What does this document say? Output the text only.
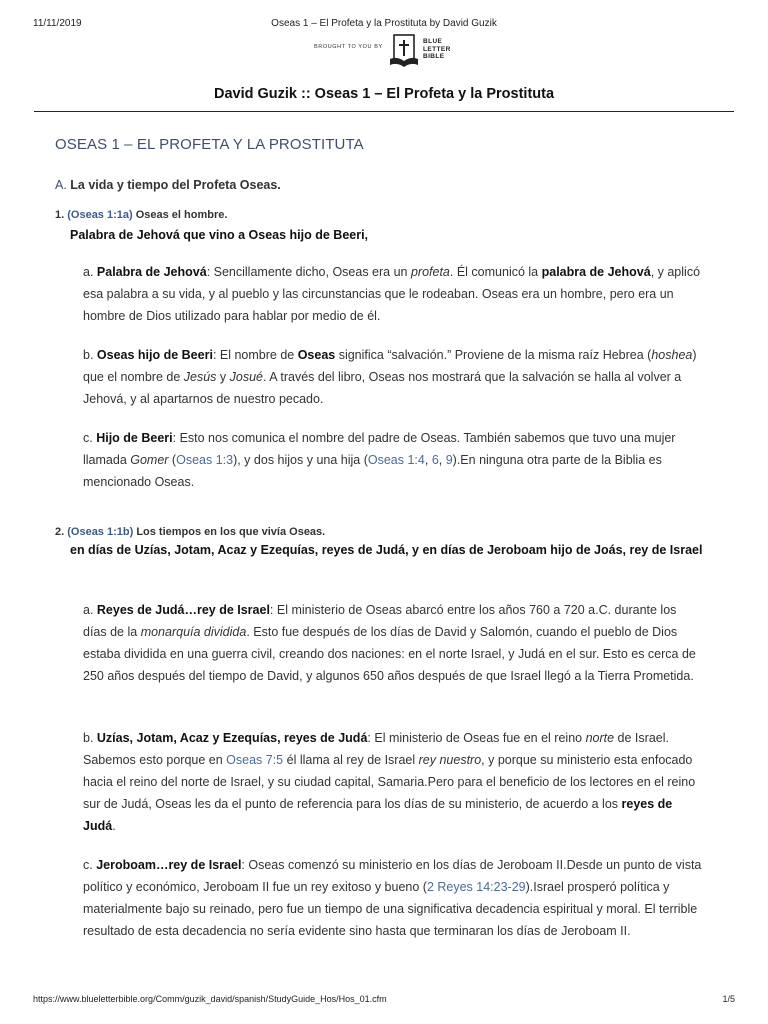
11/11/2019	Oseas 1 – El Profeta y la Prostituta by David Guzik
BROUGHT TO YOU BY
BLUE
LETTER
BIBLE
David Guzik :: Oseas 1 – El Profeta y la Prostituta
OSEAS 1 – EL PROFETA Y LA PROSTITUTA
A. La vida y tiempo del Profeta Oseas.
1. (Oseas 1:1a) Oseas el hombre.
Palabra de Jehová que vino a Oseas hijo de Beeri,
a. Palabra de Jehová: Sencillamente dicho, Oseas era un profeta. Él comunicó la palabra de Jehová, y aplicó esa palabra a su vida, y al pueblo y las circunstancias que le rodeaban. Oseas era un hombre, pero era un hombre de Dios utilizado para hablar por medio de él.
b. Oseas hijo de Beeri: El nombre de Oseas significa “salvación.” Proviene de la misma raíz Hebrea (hoshea) que el nombre de Jesús y Josué. A través del libro, Oseas nos mostrará que la salvación se halla al volver a Jehová, y al apartarnos de nuestro pecado.
c. Hijo de Beeri: Esto nos comunica el nombre del padre de Oseas. También sabemos que tuvo una mujer llamada Gomer (Oseas 1:3), y dos hijos y una hija (Oseas 1:4, 6, 9).En ninguna otra parte de la Biblia es mencionado Oseas.
2. (Oseas 1:1b) Los tiempos en los que vivía Oseas.
en días de Uzías, Jotam, Acaz y Ezequías, reyes de Judá, y en días de Jeroboam hijo de Joás, rey de Israel
a. Reyes de Judá…rey de Israel: El ministerio de Oseas abarcó entre los años 760 a 720 a.C. durante los días de la monarquía dividida. Esto fue después de los días de David y Salomón, cuando el pueblo de Dios estaba dividida en una guerra civil, creando dos naciones: en el norte Israel, y Judá en el sur. Esto es cerca de 250 años después del tiempo de David, y algunos 650 años después de que Israel llegó a la Tierra Prometida.
b. Uzías, Jotam, Acaz y Ezequías, reyes de Judá: El ministerio de Oseas fue en el reino norte de Israel. Sabemos esto porque en Oseas 7:5 él llama al rey de Israel rey nuestro, y porque su ministerio esta enfocado hacia el reino del norte de Israel, y su ciudad capital, Samaria.Pero para el beneficio de los lectores en el reino sur de Judá, Oseas les da el punto de referencia para los días de su ministerio, de acuerdo a los reyes de Judá.
c. Jeroboam…rey de Israel: Oseas comenzó su ministerio en los días de Jeroboam II.Desde un punto de vista político y económico, Jeroboam II fue un rey exitoso y bueno (2 Reyes 14:23-29).Israel prosperó política y materialmente bajo su reinado, pero fue un tiempo de una significativa decadencia espiritual y moral. El terrible resultado de esta decadencia no sería evidente sino hasta que terminaran los días de Jeroboam II.
https://www.blueletterbible.org/Comm/guzik_david/spanish/StudyGuide_Hos/Hos_01.cfm	1/5
